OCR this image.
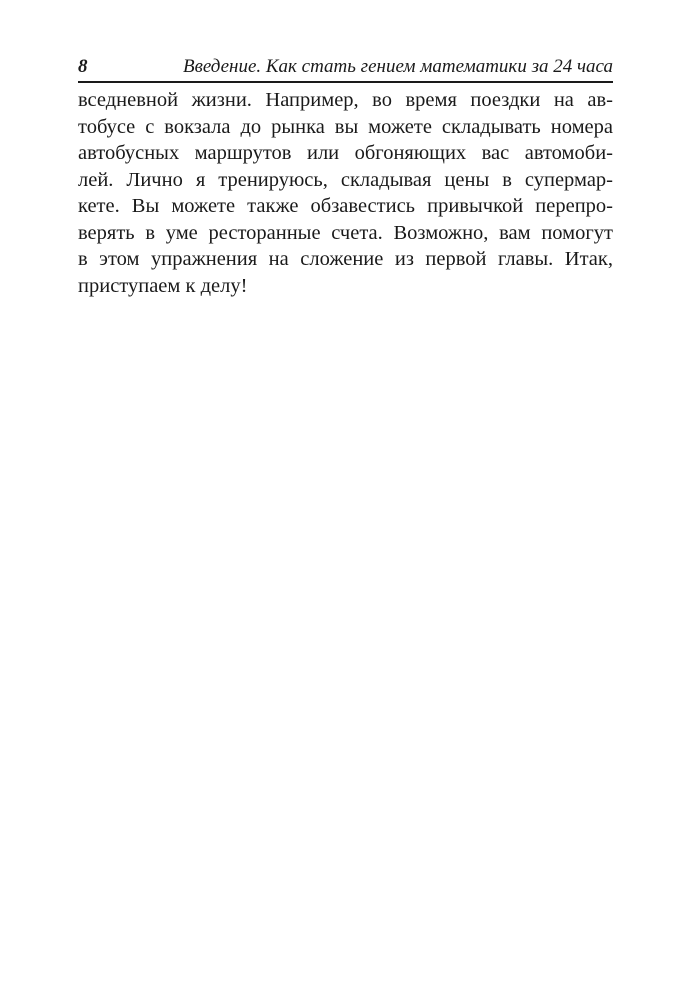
8	Введение. Как стать гением математики за 24 часа
вседневной жизни. Например, во время поездки на ав-
тобусе с вокзала до рынка вы можете складывать номера
автобусных маршрутов или обгоняющих вас автомоби-
лей. Лично я тренируюсь, складывая цены в супермар-
кете. Вы можете также обзавестись привычкой перепро-
верять в уме ресторанные счета. Возможно, вам помогут
в этом упражнения на сложение из первой главы. Итак,
приступаем к делу!
